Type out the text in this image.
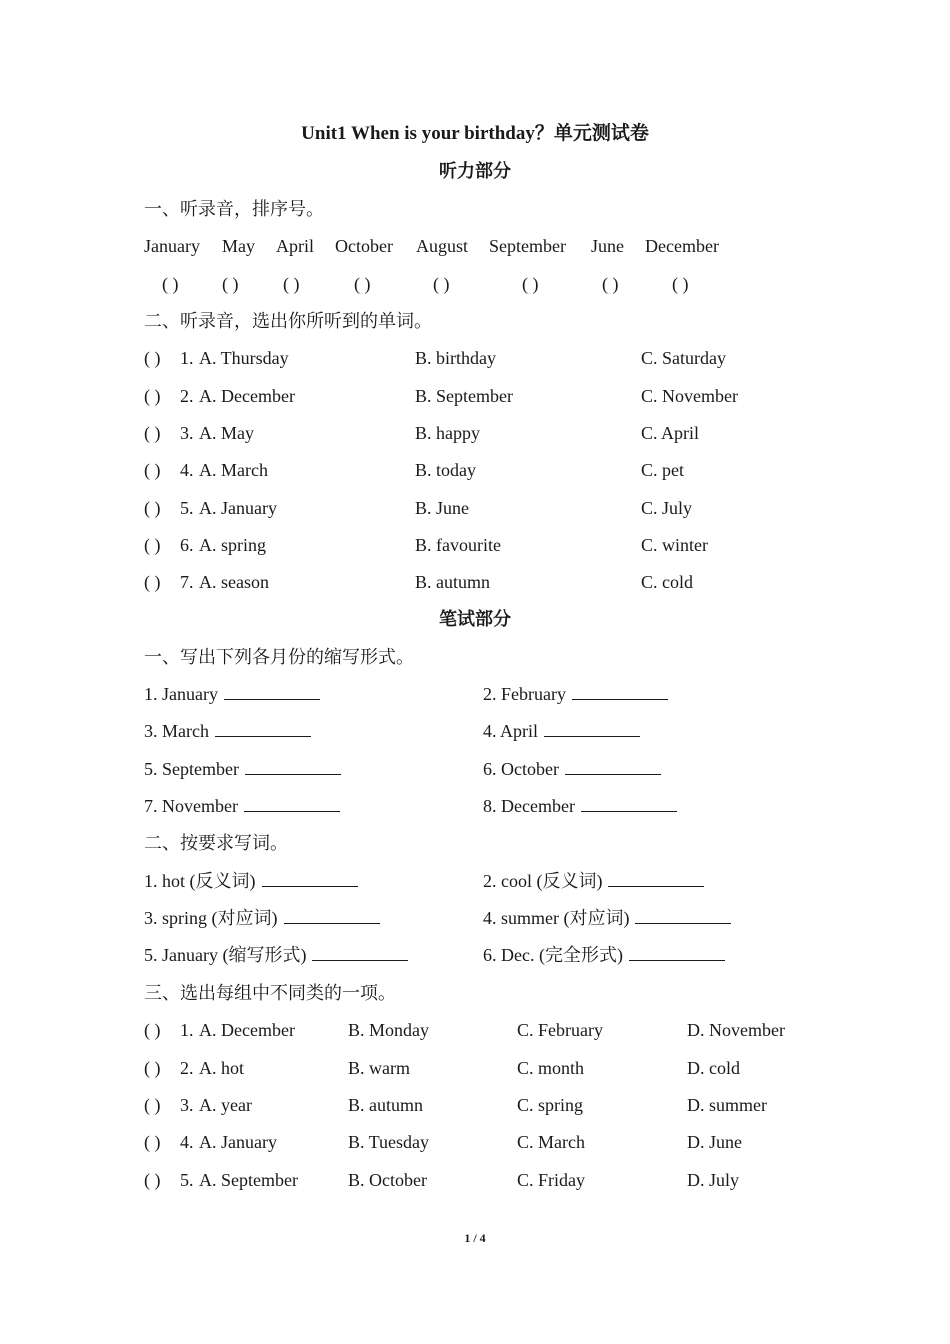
Unit1 When is your birthday？单元测试卷
听力部分
一、听录音，排序号。
January May April October August September June December
( ) ( ) ( )	( )	( )	( )	( )	( )
二、听录音，选出你所听到的单词。
( ) 1. A. Thursday	B. birthday	C. Saturday
( ) 2. A. December	B. September	C. November
( ) 3. A. May	B. happy	C. April
( ) 4. A. March	B. today	C. pet
( ) 5. A. January	B. June	C. July
( ) 6. A. spring	B. favourite	C. winter
( ) 7. A. season	B. autumn	C. cold
笔试部分
一、写出下列各月份的缩写形式。
1. January	2. February
3. March	4. April
5. September	6. October
7. November	8. December
二、按要求写词。
1. hot (反义词)	2. cool (反义词)
3. spring (对应词)	4. summer (对应词)
5. January (缩写形式)	6. Dec. (完全形式)
三、选出每组中不同类的一项。
( ) 1. A. December	B. Monday	C. February	D. November
( ) 2. A. hot	B. warm	C. month	D. cold
( ) 3. A. year	B. autumn	C. spring	D. summer
( ) 4. A. January	B. Tuesday	C. March	D. June
( ) 5. A. September	B. October	C. Friday	D. July
1 / 4
